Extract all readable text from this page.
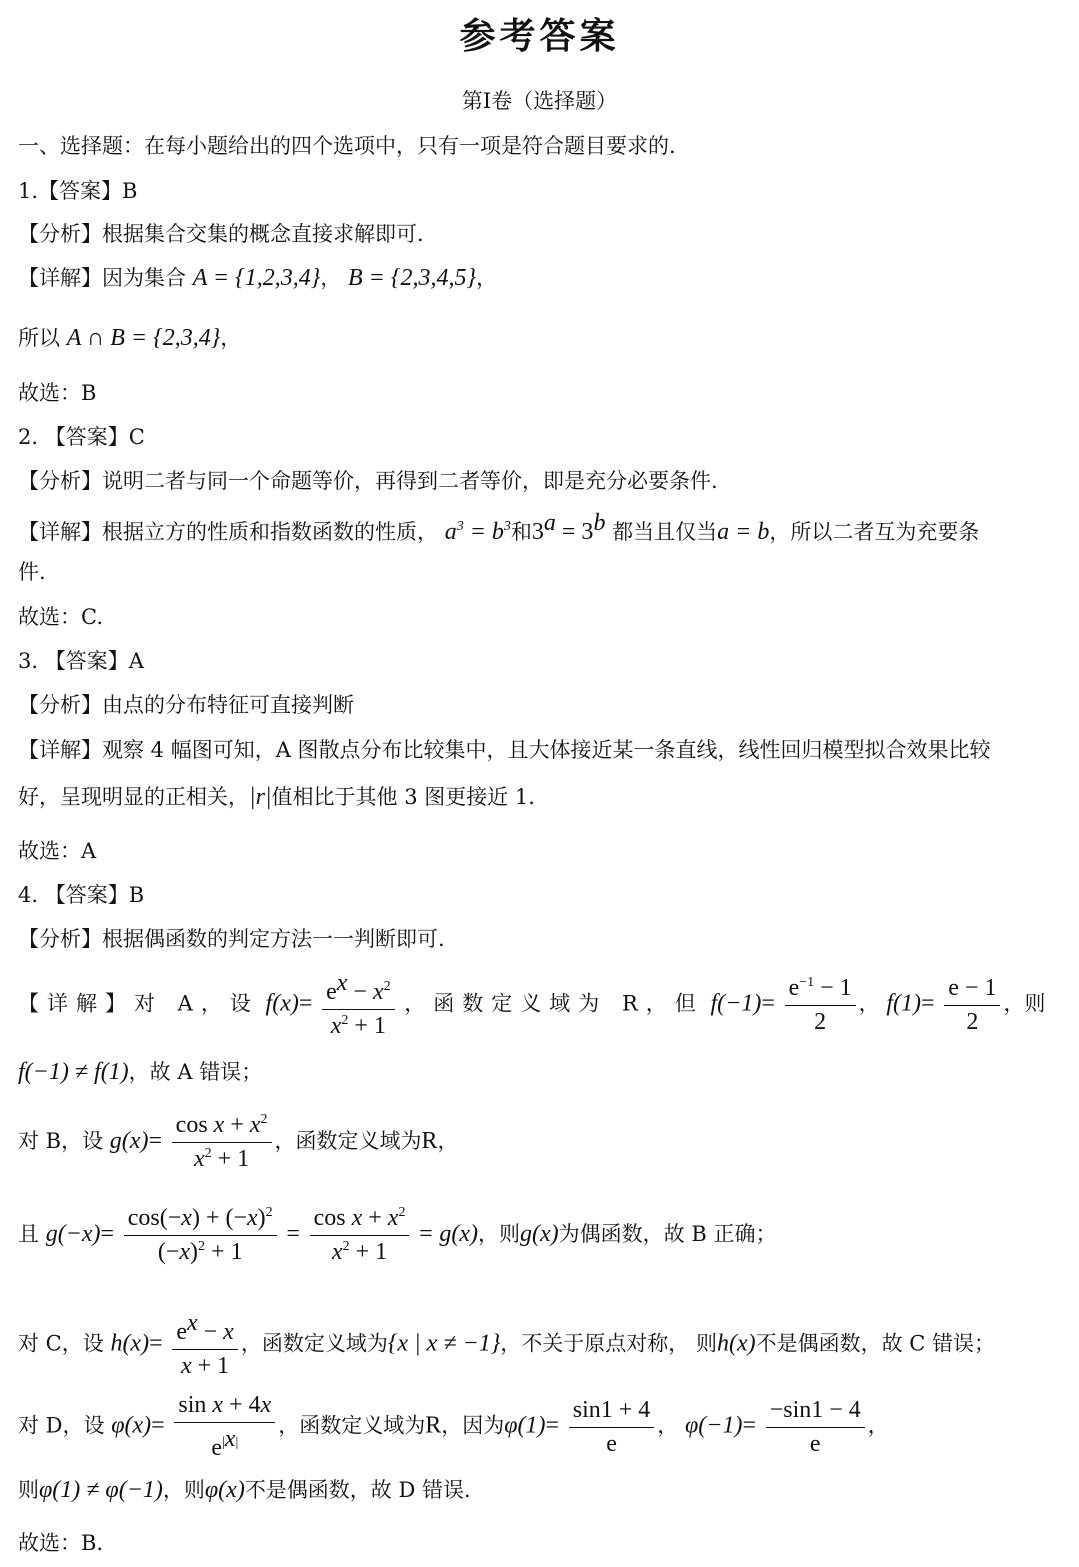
参考答案
第Ⅰ卷（选择题）
一、选择题：在每小题给出的四个选项中，只有一项是符合题目要求的.
1.【答案】B
【分析】根据集合交集的概念直接求解即可.
【详解】因为集合 A = {1,2,3,4}， B = {2,3,4,5}，
所以 A ∩ B = {2,3,4}，
故选：B
2. 【答案】C
【分析】说明二者与同一个命题等价，再得到二者等价，即是充分必要条件.
【详解】根据立方的性质和指数函数的性质， $a^3 = b^3$和$3^a = 3^b$ 都当且仅当a = b，所以二者互为充要条
件.
故选：C.
3. 【答案】A
【分析】由点的分布特征可直接判断
【详解】观察 4 幅图可知，A 图散点分布比较集中，且大体接近某一条直线，线性回归模型拟合效果比较
好，呈现明显的正相关，|r|值相比于其他 3 图更接近 1.
故选：A
4. 【答案】B
【分析】根据偶函数的判定方法一一判断即可.
【详解】对 A，设 $f(x)= \frac{e^x - x^2}{x^2 + 1}$ ，函数定义域为 R，但 $f(-1)= \frac{e^{-1} - 1}{2}$ ， $f(1)= \frac{e - 1}{2}$ ，则
f(−1) ≠ f(1)，故 A 错误；
对 B，设 $g(x)= \frac{\cos x + x^2}{x^2 + 1}$ ，函数定义域为R，
且 $g(-x)= \frac{\cos(-x) + (-x)^2}{(-x)^2 + 1} = \frac{\cos x + x^2}{x^2 + 1} = g(x)$，则g(x)为偶函数，故 B 正确；
对 C，设 $h(x)= \frac{e^x - x}{x + 1}$ ，函数定义域为{x | x ≠ −1}，不关于原点对称， 则h(x)不是偶函数，故 C 错误；
对 D，设 $\varphi(x)= \frac{\text{sin x + 4x}}{e^{|x|}}$ ，函数定义域为R，因为$\varphi(1)= \frac{\sin 1 + 4}{e}$ ， $\varphi(-1)= \frac{-\sin 1 - 4}{e}$ ，
则φ(1) ≠ φ(−1)，则φ(x)不是偶函数，故 D 错误.
故选：B.
